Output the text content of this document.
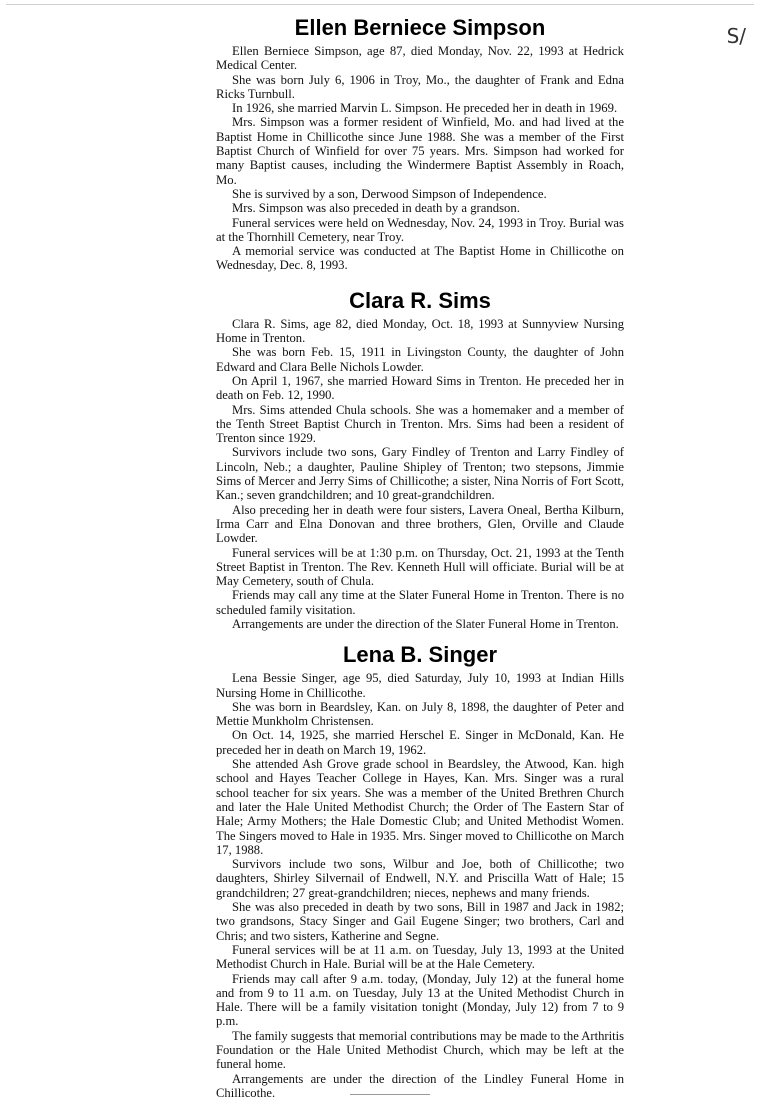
S/
Ellen Berniece Simpson

Ellen Berniece Simpson, age 87, died Monday, Nov. 22, 1993 at Hedrick Medical Center.

She was born July 6, 1906 in Troy, Mo., the daughter of Frank and Edna Ricks Turnbull.

In 1926, she married Marvin L. Simpson. He preceded her in death in 1969.

Mrs. Simpson was a former resident of Winfield, Mo. and had lived at the Baptist Home in Chillicothe since June 1988. She was a member of the First Baptist Church of Winfield for over 75 years. Mrs. Simpson had worked for many Baptist causes, including the Windermere Baptist Assembly in Roach, Mo.

She is survived by a son, Derwood Simpson of Independence.

Mrs. Simpson was also preceded in death by a grandson.

Funeral services were held on Wednesday, Nov. 24, 1993 in Troy. Burial was at the Thornhill Cemetery, near Troy.

A memorial service was conducted at The Baptist Home in Chillicothe on Wednesday, Dec. 8, 1993.

Clara R. Sims

Clara R. Sims, age 82, died Monday, Oct. 18, 1993 at Sunnyview Nursing Home in Trenton.

She was born Feb. 15, 1911 in Livingston County, the daughter of John Edward and Clara Belle Nichols Lowder.

On April 1, 1967, she married Howard Sims in Trenton. He preceded her in death on Feb. 12, 1990.

Mrs. Sims attended Chula schools. She was a homemaker and a member of the Tenth Street Baptist Church in Trenton. Mrs. Sims had been a resident of Trenton since 1929.

Survivors include two sons, Gary Findley of Trenton and Larry Findley of Lincoln, Neb.; a daughter, Pauline Shipley of Trenton; two stepsons, Jimmie Sims of Mercer and Jerry Sims of Chillicothe; a sister, Nina Norris of Fort Scott, Kan.; seven grandchildren; and 10 great-grandchildren.

Also preceding her in death were four sisters, Lavera Oneal, Bertha Kilburn, Irma Carr and Elna Donovan and three brothers, Glen, Orville and Claude Lowder.

Funeral services will be at 1:30 p.m. on Thursday, Oct. 21, 1993 at the Tenth Street Baptist in Trenton. The Rev. Kenneth Hull will officiate. Burial will be at May Cemetery, south of Chula.

Friends may call any time at the Slater Funeral Home in Trenton. There is no scheduled family visitation.

Arrangements are under the direction of the Slater Funeral Home in Trenton.

Lena B. Singer

Lena Bessie Singer, age 95, died Saturday, July 10, 1993 at Indian Hills Nursing Home in Chillicothe.

She was born in Beardsley, Kan. on July 8, 1898, the daughter of Peter and Mettie Munkholm Christensen.

On Oct. 14, 1925, she married Herschel E. Singer in McDonald, Kan. He preceded her in death on March 19, 1962.

She attended Ash Grove grade school in Beardsley, the Atwood, Kan. high school and Hayes Teacher College in Hayes, Kan. Mrs. Singer was a rural school teacher for six years. She was a member of the United Brethren Church and later the Hale United Methodist Church; the Order of The Eastern Star of Hale; Army Mothers; the Hale Domestic Club; and United Methodist Women. The Singers moved to Hale in 1935. Mrs. Singer moved to Chillicothe on March 17, 1988.

Survivors include two sons, Wilbur and Joe, both of Chillicothe; two daughters, Shirley Silvernail of Endwell, N.Y. and Priscilla Watt of Hale; 15 grandchildren; 27 great-grandchildren; nieces, nephews and many friends.

She was also preceded in death by two sons, Bill in 1987 and Jack in 1982; two grandsons, Stacy Singer and Gail Eugene Singer; two brothers, Carl and Chris; and two sisters, Katherine and Segne.

Funeral services will be at 11 a.m. on Tuesday, July 13, 1993 at the United Methodist Church in Hale. Burial will be at the Hale Cemetery.

Friends may call after 9 a.m. today, (Monday, July 12) at the funeral home and from 9 to 11 a.m. on Tuesday, July 13 at the United Methodist Church in Hale. There will be a family visitation tonight (Monday, July 12) from 7 to 9 p.m.

The family suggests that memorial contributions may be made to the Arthritis Foundation or the Hale United Methodist Church, which may be left at the funeral home.

Arrangements are under the direction of the Lindley Funeral Home in Chillicothe.
